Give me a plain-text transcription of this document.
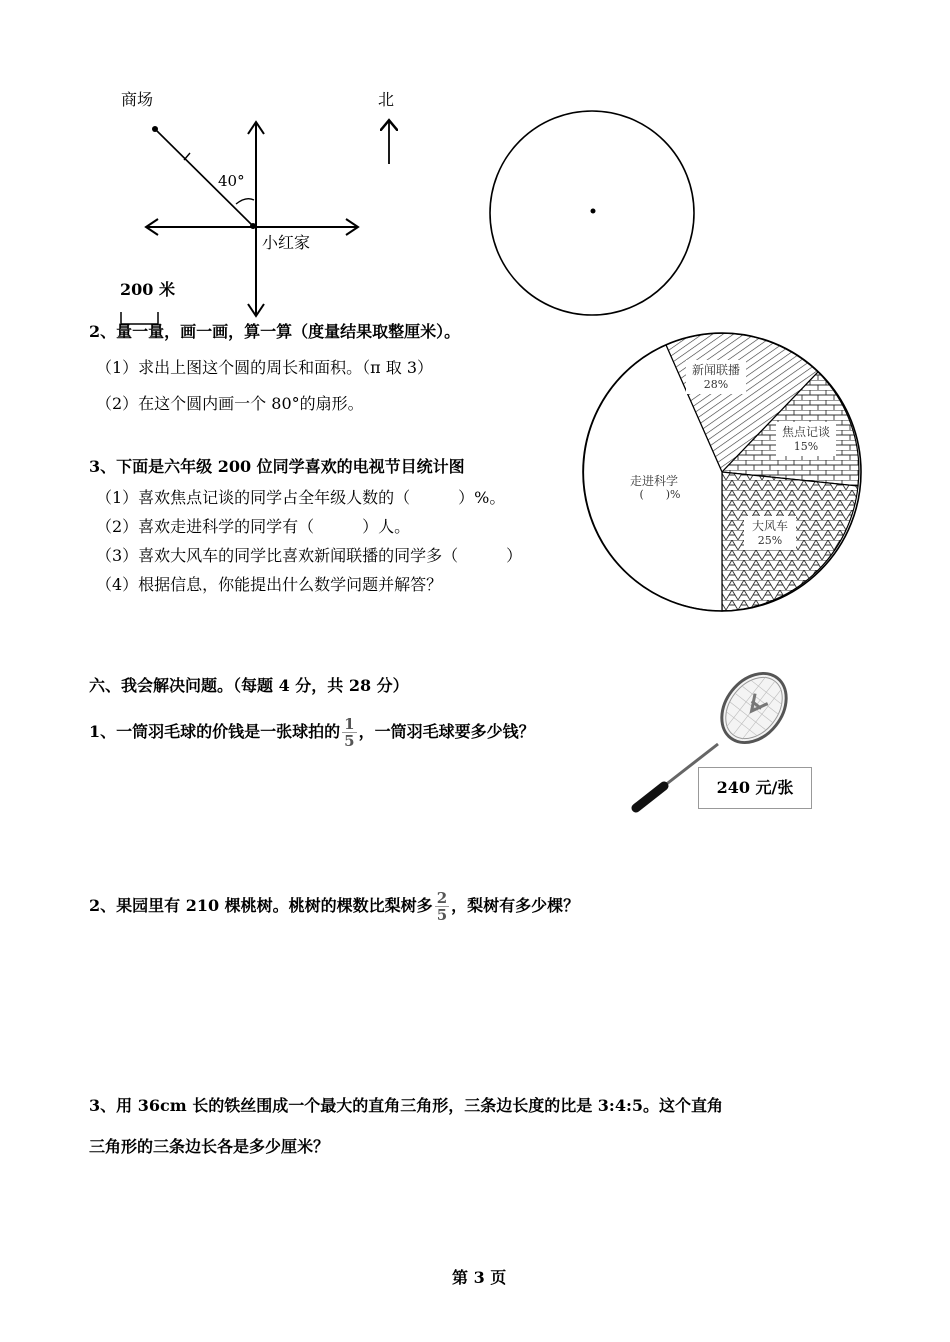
商场	北
40°
小红家
200 米
2、量一量，画一画，算一算（度量结果取整厘米）。
（1）求出上图这个圆的周长和面积。（π 取 3）
（2）在这个圆内画一个 80°的扇形。
3、下面是六年级 200 位同学喜欢的电视节目统计图
（1）喜欢焦点记谈的同学占全年级人数的（　　　）%。
（2）喜欢走进科学的同学有（　　　）人。
（3）喜欢大风车的同学比喜欢新闻联播的同学多（　　　）
（4）根据信息，你能提出什么数学问题并解答？
新闻联播
28%
焦点记谈
15%
大风车
25%
走进科学
(　　)%
六、我会解决问题。（每题 4 分，共 28 分）
1、一筒羽毛球的价钱是一张球拍的 $\frac{1}{5}$ ，一筒羽毛球要多少钱？
240 元/张
2、果园里有 210 棵桃树。桃树的棵数比梨树多 $\frac{2}{5}$ ，梨树有多少棵？
3、用 36cm 长的铁丝围成一个最大的直角三角形，三条边长度的比是 3:4:5。这个直角
三角形的三条边长各是多少厘米？
第 3 页
